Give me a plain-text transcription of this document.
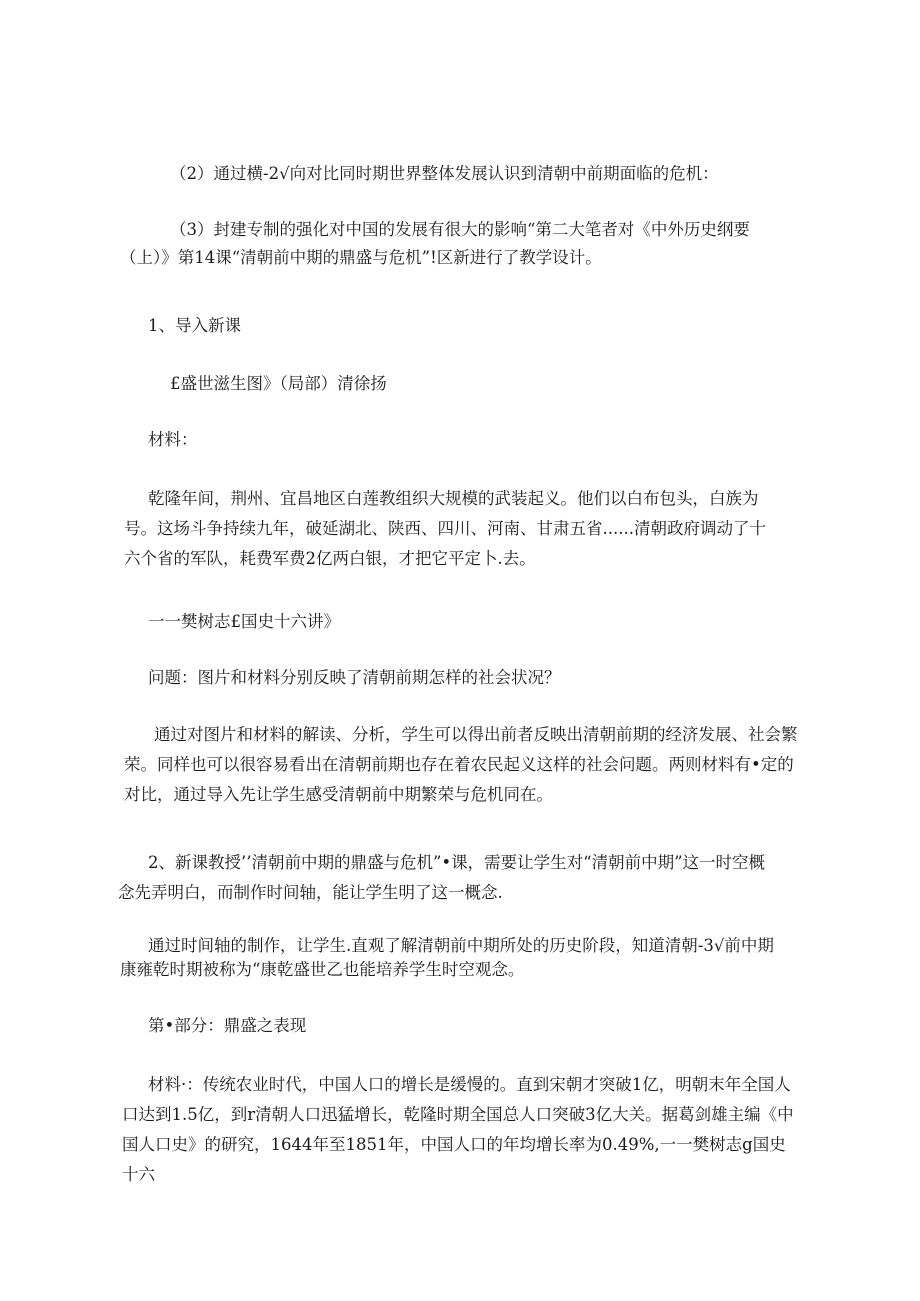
（2）通过横-2√向对比同时期世界整体发展认识到清朝中前期面临的危机：

（3）封建专制的强化对中国的发展有很大的影响“第二大笔者对《中外历史纲要
（上）》第14课“清朝前中期的鼎盛与危机”!区新进行了教学设计。

1、导入新课

£盛世滋生图》（局部）清徐扬

材料：

乾隆年间，荆州、宜昌地区白莲教组织大规模的武装起义。他们以白布包头，白族为
号。这场斗争持续九年，破延湖北、陕西、四川、河南、甘肃五省......清朝政府调动了十
六个省的军队，耗费军费2亿两白银，才把它平定卜.去。

一一樊树志£国史十六讲》

问题：图片和材料分别反映了清朝前期怎样的社会状况？

通过对图片和材料的解读、分析，学生可以得出前者反映出清朝前期的经济发展、社会繁
荣。同样也可以很容易看出在清朝前期也存在着农民起义这样的社会问题。两则材料有•定的
对比，通过导入先让学生感受清朝前中期繁荣与危机同在。

2、新课教授’’清朝前中期的鼎盛与危机”•课，需要让学生对“清朝前中期”这一时空概
念先弄明白，而制作时间轴，能让学生明了这一概念.

通过时间轴的制作，让学生.直观了解清朝前中期所处的历史阶段，知道清朝-3√前中期
康雍乾时期被称为“康乾盛世乙也能培养学生时空观念。

第•部分：鼎盛之表现

材料·：传统农业时代，中国人口的增长是缓慢的。直到宋朝才突破1亿，明朝末年全国人
口达到1.5亿，到r清朝人口迅猛增长，乾隆时期全国总人口突破3亿大关。据葛剑雄主编《中
国人口史》的研究，1644年至1851年，中国人口的年均增长率为0.49%,一一樊树志g国史十六
